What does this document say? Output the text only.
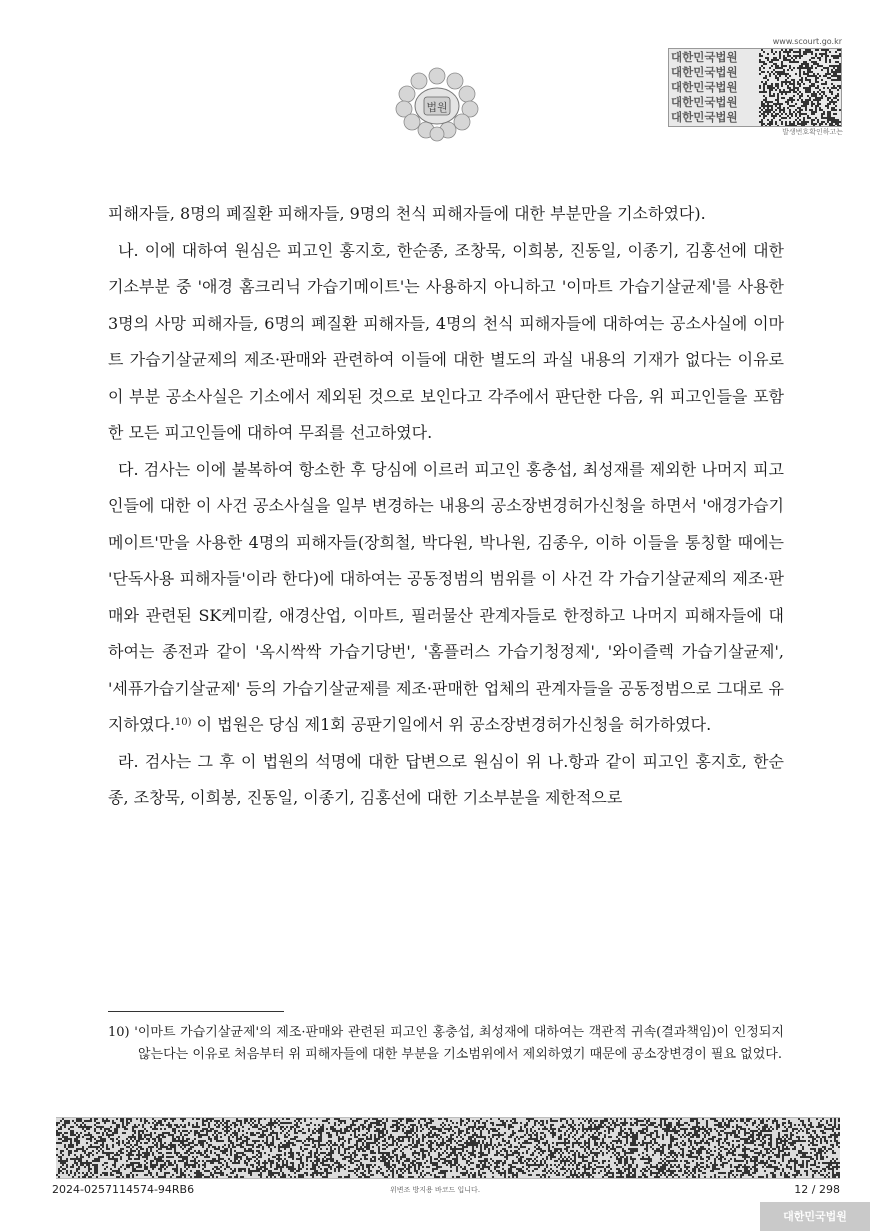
법원
www.scourt.go.kr
대한민국법원
대한민국법원
대한민국법원
대한민국법원
대한민국법원
발생번호확인하고는

피해자들, 8명의 폐질환 피해자들, 9명의 천식 피해자들에 대한 부분만을 기소하였다).

나. 이에 대하여 원심은 피고인 홍지호, 한순종, 조창묵, 이희봉, 진동일, 이종기, 김홍선에 대한 기소부분 중 '애경 홈크리닉 가습기메이트'는 사용하지 아니하고 '이마트 가습기살균제'를 사용한 3명의 사망 피해자들, 6명의 폐질환 피해자들, 4명의 천식 피해자들에 대하여는 공소사실에 이마트 가습기살균제의 제조·판매와 관련하여 이들에 대한 별도의 과실 내용의 기재가 없다는 이유로 이 부분 공소사실은 기소에서 제외된 것으로 보인다고 각주에서 판단한 다음, 위 피고인들을 포함한 모든 피고인들에 대하여 무죄를 선고하였다.

다. 검사는 이에 불복하여 항소한 후 당심에 이르러 피고인 홍충섭, 최성재를 제외한 나머지 피고인들에 대한 이 사건 공소사실을 일부 변경하는 내용의 공소장변경허가신청을 하면서 '애경가습기메이트'만을 사용한 4명의 피해자들(장희철, 박다원, 박나원, 김종우, 이하 이들을 통칭할 때에는 '단독사용 피해자들'이라 한다)에 대하여는 공동정범의 범위를 이 사건 각 가습기살균제의 제조·판매와 관련된 SK케미칼, 애경산업, 이마트, 필러물산 관계자들로 한정하고 나머지 피해자들에 대하여는 종전과 같이 '옥시싹싹 가습기당번', '홈플러스 가습기청정제', '와이즐렉 가습기살균제', '세퓨가습기살균제' 등의 가습기살균제를 제조·판매한 업체의 관계자들을 공동정범으로 그대로 유지하였다.$^{10)}$ 이 법원은 당심 제1회 공판기일에서 위 공소장변경허가신청을 허가하였다.

라. 검사는 그 후 이 법원의 석명에 대한 답변으로 원심이 위 나.항과 같이 피고인 홍지호, 한순종, 조창묵, 이희봉, 진동일, 이종기, 김홍선에 대한 기소부분을 제한적으로

10) '이마트 가습기살균제'의 제조·판매와 관련된 피고인 홍충섭, 최성재에 대하여는 객관적 귀속(결과책임)이 인정되지 않는다는 이유로 처음부터 위 피해자들에 대한 부분을 기소범위에서 제외하였기 때문에 공소장변경이 필요 없었다.
2024-0257114574-94RB6	위변조 방지용 바코드 입니다.	12 / 298
대한민국법원
